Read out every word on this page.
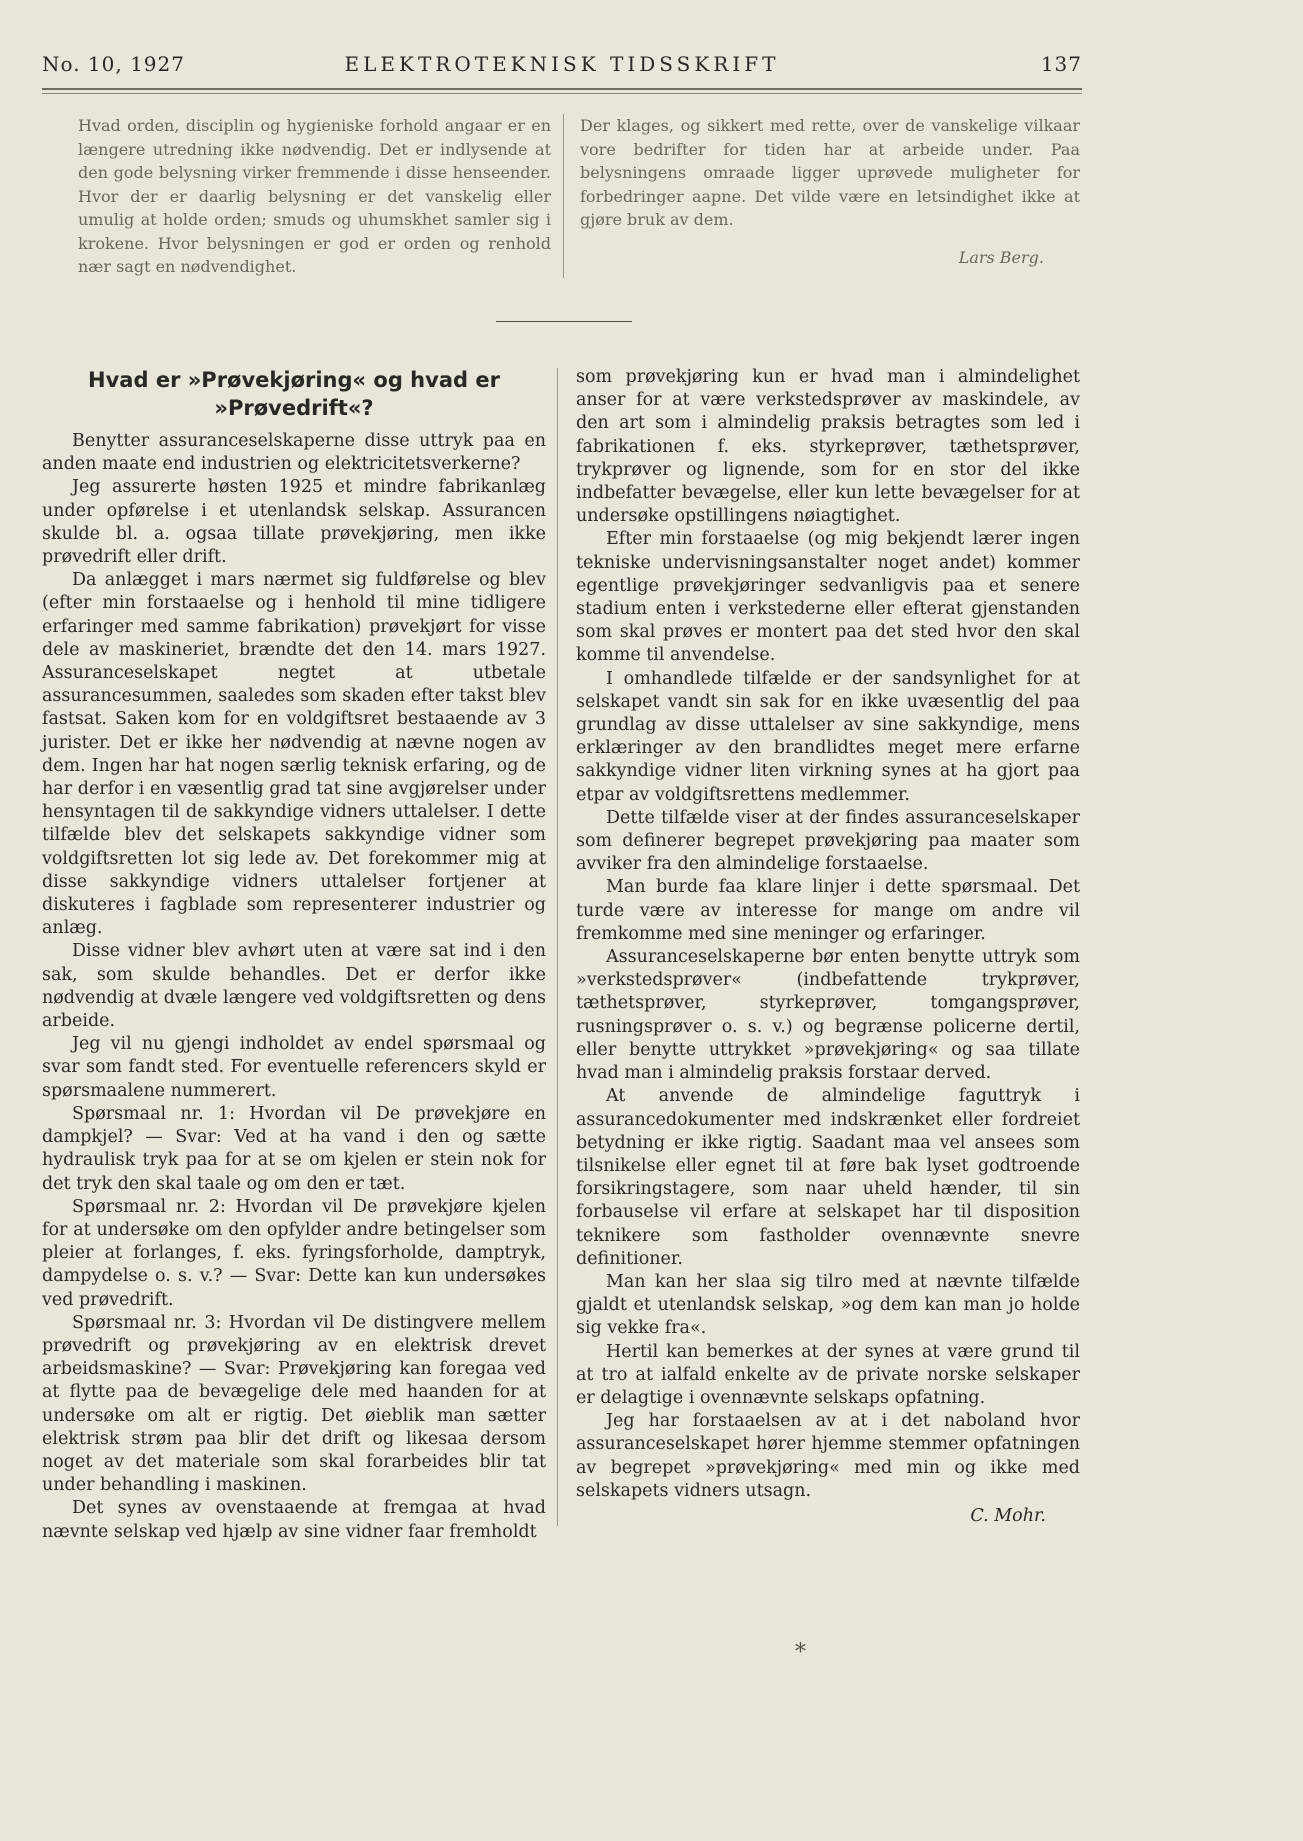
No. 10, 1927	ELEKTROTEKNISK TIDSSKRIFT	137

Hvad orden, disciplin og hygieniske forhold angaar er en længere utredning ikke nødvendig. Det er indlysende at den gode belysning virker fremmende i disse henseender. Hvor der er daarlig belysning er det vanskelig eller umulig at holde orden; smuds og uhumskhet samler sig i krokene. Hvor belysningen er god er orden og renhold nær sagt en nødvendighet.

Der klages, og sikkert med rette, over de vanskelige vilkaar vore bedrifter for tiden har at arbeide under. Paa belysningens omraade ligger uprøvede muligheter for forbedringer aapne. Det vilde være en letsindighet ikke at gjøre bruk av dem.

Lars Berg.
Hvad er »Prøvekjøring« og hvad er
»Prøvedrift«?

Benytter assuranceselskaperne disse uttryk paa en anden maate end industrien og elektricitetsverkerne?

Jeg assurerte høsten 1925 et mindre fabrikanlæg under opførelse i et utenlandsk selskap. Assurancen skulde bl. a. ogsaa tillate prøvekjøring, men ikke prøvedrift eller drift.

Da anlægget i mars nærmet sig fuldførelse og blev (efter min forstaaelse og i henhold til mine tidligere erfaringer med samme fabrikation) prøvekjørt for visse dele av maskineriet, brændte det den 14. mars 1927. Assuranceselskapet negtet at utbetale assurancesummen, saaledes som skaden efter takst blev fastsat. Saken kom for en voldgiftsret bestaaende av 3 jurister. Det er ikke her nødvendig at nævne nogen av dem. Ingen har hat nogen særlig teknisk erfaring, og de har derfor i en væsentlig grad tat sine avgjørelser under hensyntagen til de sakkyndige vidners uttalelser. I dette tilfælde blev det selskapets sakkyndige vidner som voldgiftsretten lot sig lede av. Det forekommer mig at disse sakkyndige vidners uttalelser fortjener at diskuteres i fagblade som representerer industrier og anlæg.

Disse vidner blev avhørt uten at være sat ind i den sak, som skulde behandles. Det er derfor ikke nødvendig at dvæle længere ved voldgiftsretten og dens arbeide.

Jeg vil nu gjengi indholdet av endel spørsmaal og svar som fandt sted. For eventuelle referencers skyld er spørsmaalene nummerert.

Spørsmaal nr. 1: Hvordan vil De prøvekjøre en dampkjel? — Svar: Ved at ha vand i den og sætte hydraulisk tryk paa for at se om kjelen er stein nok for det tryk den skal taale og om den er tæt.

Spørsmaal nr. 2: Hvordan vil De prøvekjøre kjelen for at undersøke om den opfylder andre betingelser som pleier at forlanges, f. eks. fyringsforholde, damptryk, dampydelse o. s. v.? — Svar: Dette kan kun undersøkes ved prøvedrift.

Spørsmaal nr. 3: Hvordan vil De distingvere mellem prøvedrift og prøvekjøring av en elektrisk drevet arbeidsmaskine? — Svar: Prøvekjøring kan foregaa ved at flytte paa de bevægelige dele med haanden for at undersøke om alt er rigtig. Det øieblik man sætter elektrisk strøm paa blir det drift og likesaa dersom noget av det materiale som skal forarbeides blir tat under behandling i maskinen.

Det synes av ovenstaaende at fremgaa at hvad nævnte selskap ved hjælp av sine vidner faar fremholdt

som prøvekjøring kun er hvad man i almindelighet anser for at være verkstedsprøver av maskindele, av den art som i almindelig praksis betragtes som led i fabrikationen f. eks. styrkeprøver, tæthetsprøver, trykprøver og lignende, som for en stor del ikke indbefatter bevægelse, eller kun lette bevægelser for at undersøke opstillingens nøiagtighet.

Efter min forstaaelse (og mig bekjendt lærer ingen tekniske undervisningsanstalter noget andet) kommer egentlige prøvekjøringer sedvanligvis paa et senere stadium enten i verkstederne eller efterat gjenstanden som skal prøves er montert paa det sted hvor den skal komme til anvendelse.

I omhandlede tilfælde er der sandsynlighet for at selskapet vandt sin sak for en ikke uvæsentlig del paa grundlag av disse uttalelser av sine sakkyndige, mens erklæringer av den brandlidtes meget mere erfarne sakkyndige vidner liten virkning synes at ha gjort paa etpar av voldgiftsrettens medlemmer.

Dette tilfælde viser at der findes assuranceselskaper som definerer begrepet prøvekjøring paa maater som avviker fra den almindelige forstaaelse.

Man burde faa klare linjer i dette spørsmaal. Det turde være av interesse for mange om andre vil fremkomme med sine meninger og erfaringer.

Assuranceselskaperne bør enten benytte uttryk som »verkstedsprøver« (indbefattende trykprøver, tæthetsprøver, styrkeprøver, tomgangsprøver, rusningsprøver o. s. v.) og begrænse policerne dertil, eller benytte uttrykket »prøvekjøring« og saa tillate hvad man i almindelig praksis forstaar derved.

At anvende de almindelige faguttryk i assurancedokumenter med indskrænket eller fordreiet betydning er ikke rigtig. Saadant maa vel ansees som tilsnikelse eller egnet til at føre bak lyset godtroende forsikringstagere, som naar uheld hænder, til sin forbauselse vil erfare at selskapet har til disposition teknikere som fastholder ovennævnte snevre definitioner.

Man kan her slaa sig tilro med at nævnte tilfælde gjaldt et utenlandsk selskap, »og dem kan man jo holde sig vekke fra«.

Hertil kan bemerkes at der synes at være grund til at tro at ialfald enkelte av de private norske selskaper er delagtige i ovennævnte selskaps opfatning.

Jeg har forstaaelsen av at i det naboland hvor assuranceselskapet hører hjemme stemmer opfatningen av begrepet »prøvekjøring« med min og ikke med selskapets vidners utsagn.

C. Mohr.
*
